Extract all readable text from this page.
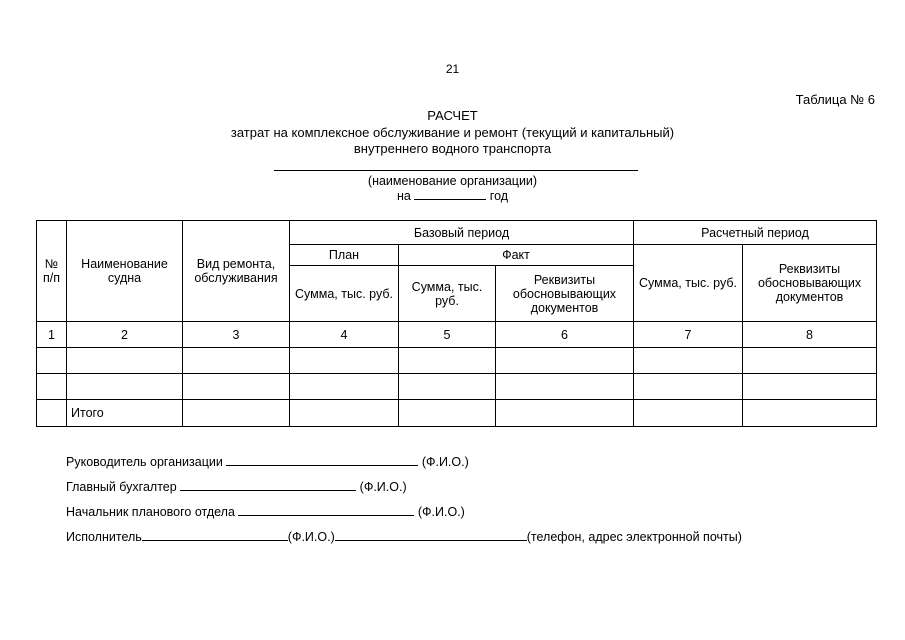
21
Таблица № 6
РАСЧЕТ
затрат на комплексное обслуживание и ремонт (текущий и капитальный)
внутреннего водного транспорта
(наименование организации)
на	год
№ п/п	Наименование судна	Вид ремонта, обслуживания	Базовый период			Расчетный период	
			План	Факт		Сумма, тыс. руб.	Реквизиты обосновывающих документов
			Сумма, тыс. руб.	Сумма, тыс. руб.	Реквизиты обосновывающих документов		
1	2	3	4	5	6	7	8

	Итого						
Руководитель организации	(Ф.И.О.)
Главный бухгалтер	(Ф.И.О.)
Начальник планового отдела	(Ф.И.О.)
Исполнитель	(Ф.И.О.)	(телефон, адрес электронной почты)
